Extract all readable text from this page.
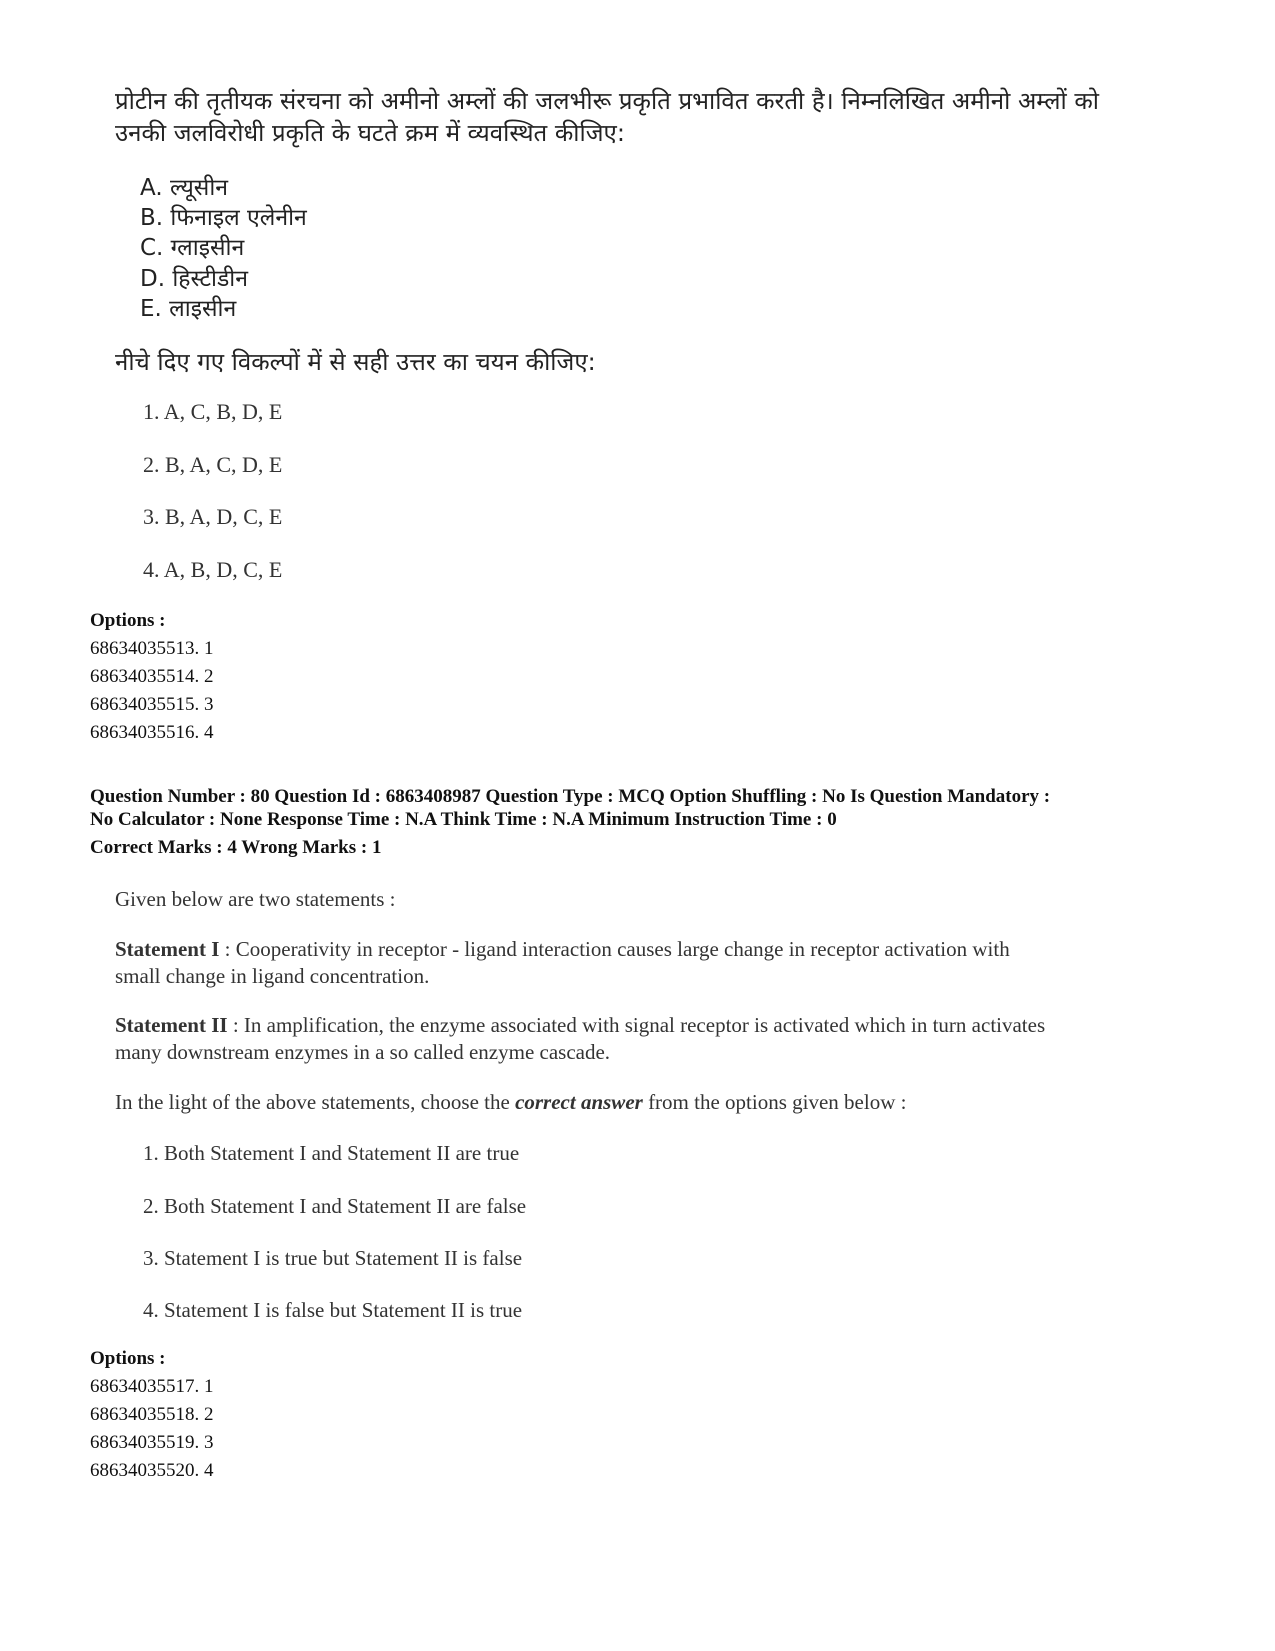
प्रोटीन की तृतीयक संरचना को अमीनो अम्लों की जलभीरू प्रकृति प्रभावित करती है। निम्नलिखित अमीनो अम्लों को
उनकी जलविरोधी प्रकृति के घटते क्रम में व्यवस्थित कीजिए:
A. ल्यूसीन
B. फिनाइल एलेनीन
C. ग्लाइसीन
D. हिस्टीडीन
E. लाइसीन
नीचे दिए गए विकल्पों में से सही उत्तर का चयन कीजिए:
1. A, C, B, D, E
2. B, A, C, D, E
3. B, A, D, C, E
4. A, B, D, C, E
Options :
68634035513. 1
68634035514. 2
68634035515. 3
68634035516. 4
Question Number : 80 Question Id : 6863408987 Question Type : MCQ Option Shuffling : No Is Question Mandatory :
No Calculator : None Response Time : N.A Think Time : N.A Minimum Instruction Time : 0
Correct Marks : 4 Wrong Marks : 1
Given below are two statements :
Statement I : Cooperativity in receptor - ligand interaction causes large change in receptor activation with
small change in ligand concentration.
Statement II : In amplification, the enzyme associated with signal receptor is activated which in turn activates
many downstream enzymes in a so called enzyme cascade.
In the light of the above statements, choose the correct answer from the options given below :
1. Both Statement I and Statement II are true
2. Both Statement I and Statement II are false
3. Statement I is true but Statement II is false
4. Statement I is false but Statement II is true
Options :
68634035517. 1
68634035518. 2
68634035519. 3
68634035520. 4
